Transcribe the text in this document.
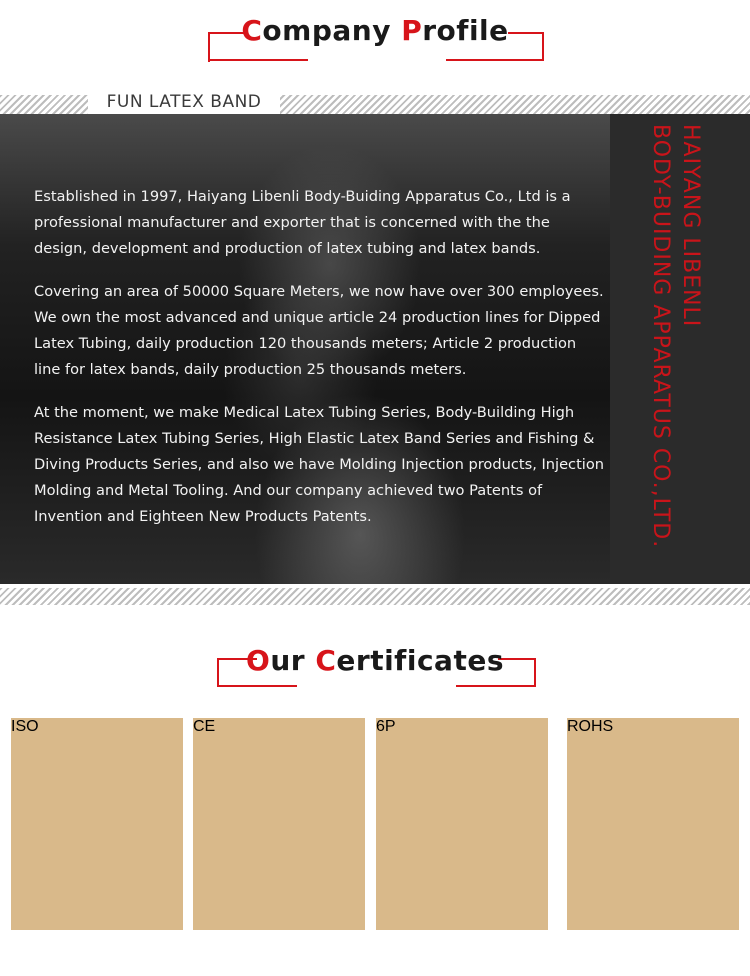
Company Profile
FUN LATEX BAND
HAIYANG LIBENLI
BODY-BUIDING APPARATUS CO.,LTD.

Established in 1997, Haiyang Libenli Body-Buiding Apparatus Co., Ltd is a professional manufacturer and exporter that is concerned with the the design, development and production of latex tubing and latex bands.

Covering an area of 50000 Square Meters, we now have over 300 employees. We own the most advanced and unique article 24 production lines for Dipped Latex Tubing, daily production 120 thousands meters; Article 2 production line for latex bands, daily production 25 thousands meters.

At the moment, we make Medical Latex Tubing Series, Body-Building High Resistance Latex Tubing Series, High Elastic Latex Band Series and Fishing & Diving Products Series, and also we have Molding Injection products, Injection Molding and Metal Tooling. And our company achieved two Patents of Invention and Eighteen New Products Patents.

Our Certificates
ISO	CE	6P	ROHS
